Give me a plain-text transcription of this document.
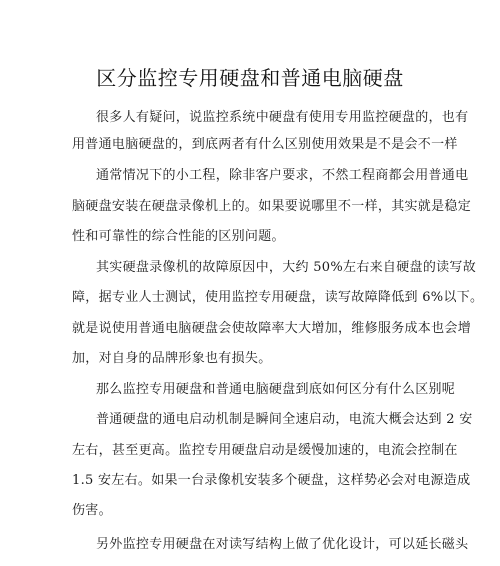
区分监控专用硬盘和普通电脑硬盘
很多人有疑问，说监控系统中硬盘有使用专用监控硬盘的，也有
用普通电脑硬盘的，到底两者有什么区别使用效果是不是会不一样
通常情况下的小工程，除非客户要求，不然工程商都会用普通电
脑硬盘安装在硬盘录像机上的。如果要说哪里不一样，其实就是稳定
性和可靠性的综合性能的区别问题。
其实硬盘录像机的故障原因中，大约 50%左右来自硬盘的读写故
障，据专业人士测试，使用监控专用硬盘，读写故障降低到 6%以下。
就是说使用普通电脑硬盘会使故障率大大增加，维修服务成本也会增
加，对自身的品牌形象也有损失。
那么监控专用硬盘和普通电脑硬盘到底如何区分有什么区别呢
普通硬盘的通电启动机制是瞬间全速启动，电流大概会达到 2 安
左右，甚至更高。监控专用硬盘启动是缓慢加速的，电流会控制在
1.5 安左右。如果一台录像机安装多个硬盘，这样势必会对电源造成
伤害。
另外监控专用硬盘在对读写结构上做了优化设计，可以延长磁头
